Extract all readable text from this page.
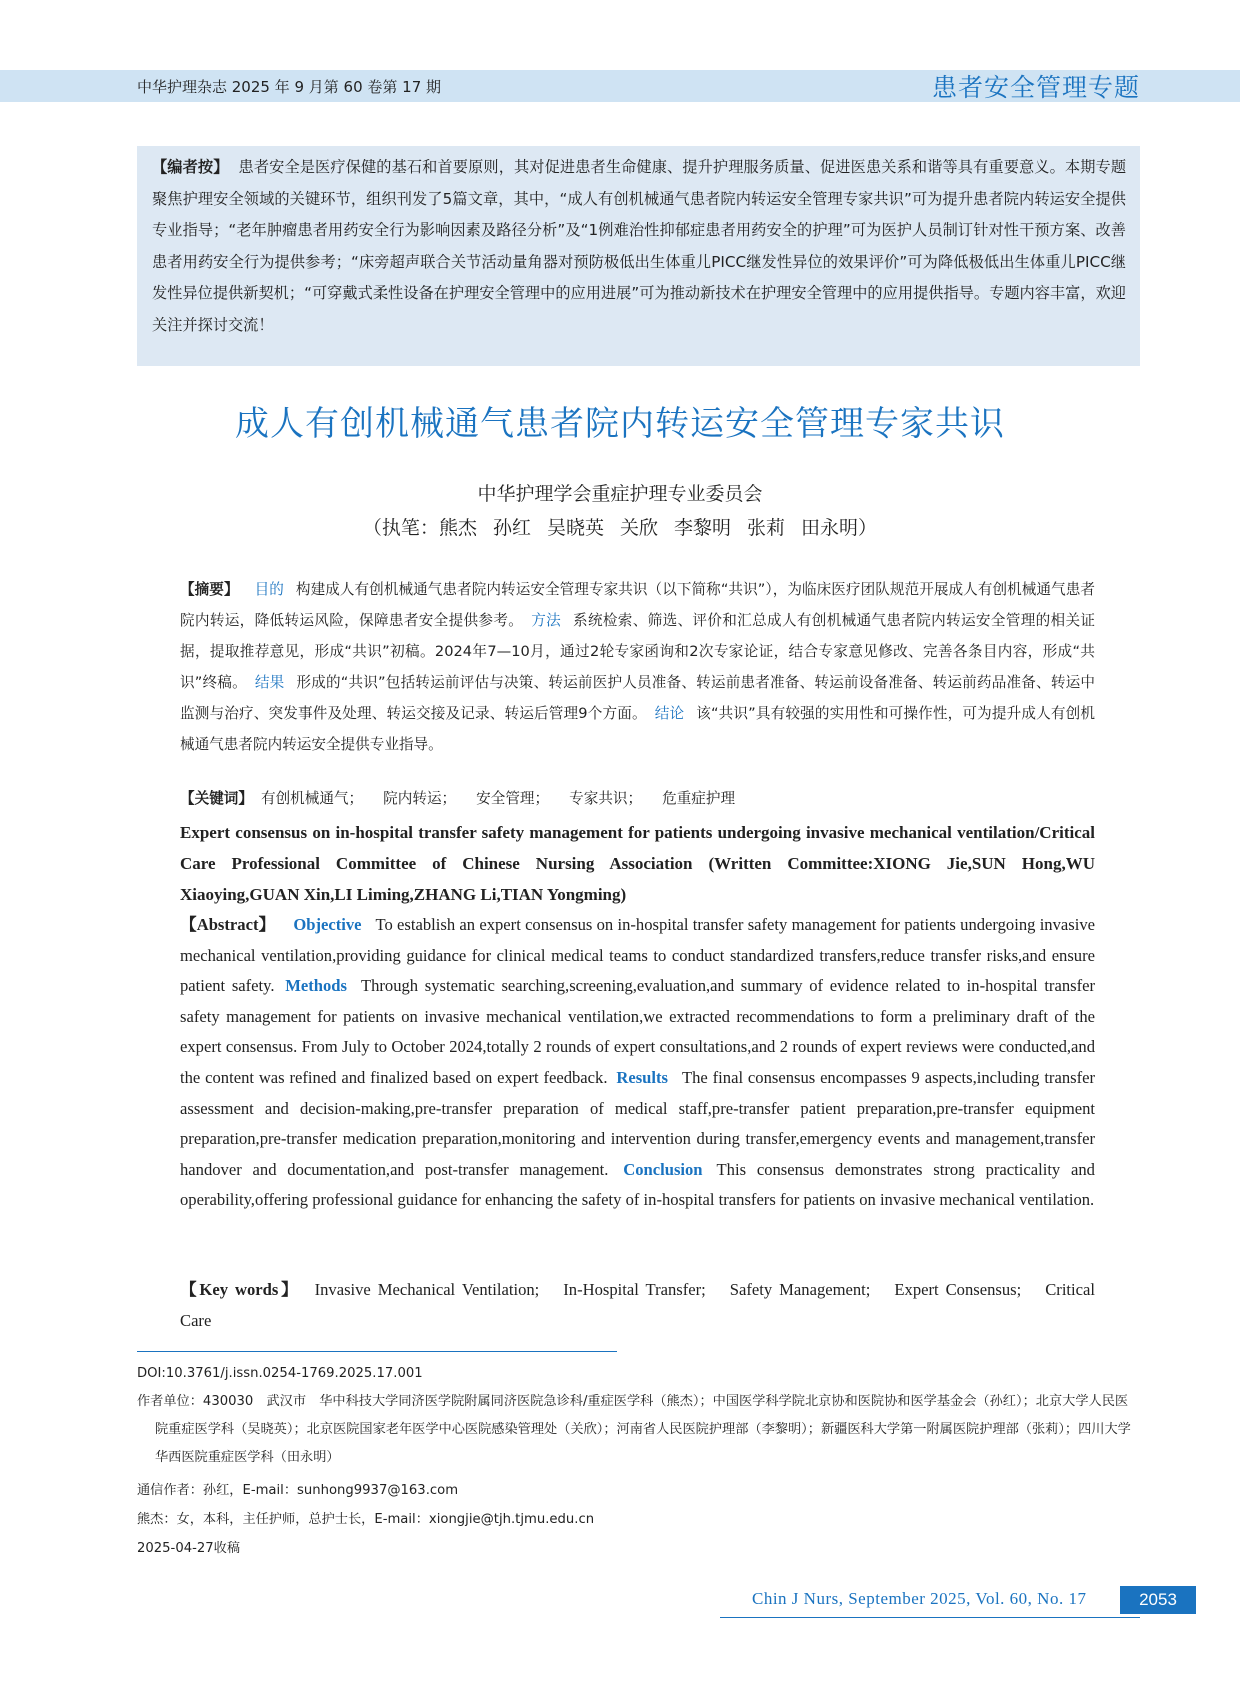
中华护理杂志 2025 年 9 月第 60 卷第 17 期	患者安全管理专题
【编者按】 患者安全是医疗保健的基石和首要原则，其对促进患者生命健康、提升护理服务质量、促进医患关系和谐等具有重要意义。本期专题聚焦护理安全领域的关键环节，组织刊发了5篇文章，其中，“成人有创机械通气患者院内转运安全管理专家共识”可为提升患者院内转运安全提供专业指导；“老年肿瘤患者用药安全行为影响因素及路径分析”及“1例难治性抑郁症患者用药安全的护理”可为医护人员制订针对性干预方案、改善患者用药安全行为提供参考；“床旁超声联合关节活动量角器对预防极低出生体重儿PICC继发性异位的效果评价”可为降低极低出生体重儿PICC继发性异位提供新契机；“可穿戴式柔性设备在护理安全管理中的应用进展”可为推动新技术在护理安全管理中的应用提供指导。专题内容丰富，欢迎关注并探讨交流！
成人有创机械通气患者院内转运安全管理专家共识
中华护理学会重症护理专业委员会
（执笔：熊杰 孙红 吴晓英 关欣 李黎明 张莉 田永明）
【摘要】 目的 构建成人有创机械通气患者院内转运安全管理专家共识（以下简称“共识”），为临床医疗团队规范开展成人有创机械通气患者院内转运，降低转运风险，保障患者安全提供参考。 方法 系统检索、筛选、评价和汇总成人有创机械通气患者院内转运安全管理的相关证据，提取推荐意见，形成“共识”初稿。2024年7—10月，通过2轮专家函询和2次专家论证，结合专家意见修改、完善各条目内容，形成“共识”终稿。 结果 形成的“共识”包括转运前评估与决策、转运前医护人员准备、转运前患者准备、转运前设备准备、转运前药品准备、转运中监测与治疗、突发事件及处理、转运交接及记录、转运后管理9个方面。 结论 该“共识”具有较强的实用性和可操作性，可为提升成人有创机械通气患者院内转运安全提供专业指导。
【关键词】 有创机械通气； 院内转运； 安全管理； 专家共识； 危重症护理
Expert consensus on in-hospital transfer safety management for patients undergoing invasive mechanical ventilation/Critical Care Professional Committee of Chinese Nursing Association (Written Committee:XIONG Jie,SUN Hong,WU Xiaoying,GUAN Xin,LI Liming,ZHANG Li,TIAN Yongming)
【Abstract】 Objective To establish an expert consensus on in-hospital transfer safety management for patients undergoing invasive mechanical ventilation,providing guidance for clinical medical teams to conduct standardized transfers,reduce transfer risks,and ensure patient safety. Methods Through systematic searching,screening,evaluation,and summary of evidence related to in-hospital transfer safety management for patients on invasive mechanical ventilation,we extracted recommendations to form a preliminary draft of the expert consensus. From July to October 2024,totally 2 rounds of expert consultations,and 2 rounds of expert reviews were conducted,and the content was refined and finalized based on expert feedback. Results The final consensus encompasses 9 aspects,including transfer assessment and decision-making,pre-transfer preparation of medical staff,pre-transfer patient preparation,pre-transfer equipment preparation,pre-transfer medication preparation,monitoring and intervention during transfer,emergency events and management,transfer handover and documentation,and post-transfer management. Conclusion This consensus demonstrates strong practicality and operability,offering professional guidance for enhancing the safety of in-hospital transfers for patients on invasive mechanical ventilation.
【Key words】 Invasive Mechanical Ventilation; In-Hospital Transfer; Safety Management; Expert Consensus; Critical Care
DOI:10.3761/j.issn.0254-1769.2025.17.001
作者单位：430030　武汉市　华中科技大学同济医学院附属同济医院急诊科/重症医学科（熊杰）；中国医学科学院北京协和医院协和医学基金会（孙红）；北京大学人民医院重症医学科（吴晓英）；北京医院国家老年医学中心医院感染管理处（关欣）；河南省人民医院护理部（李黎明）；新疆医科大学第一附属医院护理部（张莉）；四川大学华西医院重症医学科（田永明）
通信作者：孙红，E-mail：sunhong9937@163.com
熊杰：女，本科，主任护师，总护士长，E-mail：xiongjie@tjh.tjmu.edu.cn
2025-04-27收稿
Chin J Nurs, September 2025, Vol. 60, No. 17	2053
